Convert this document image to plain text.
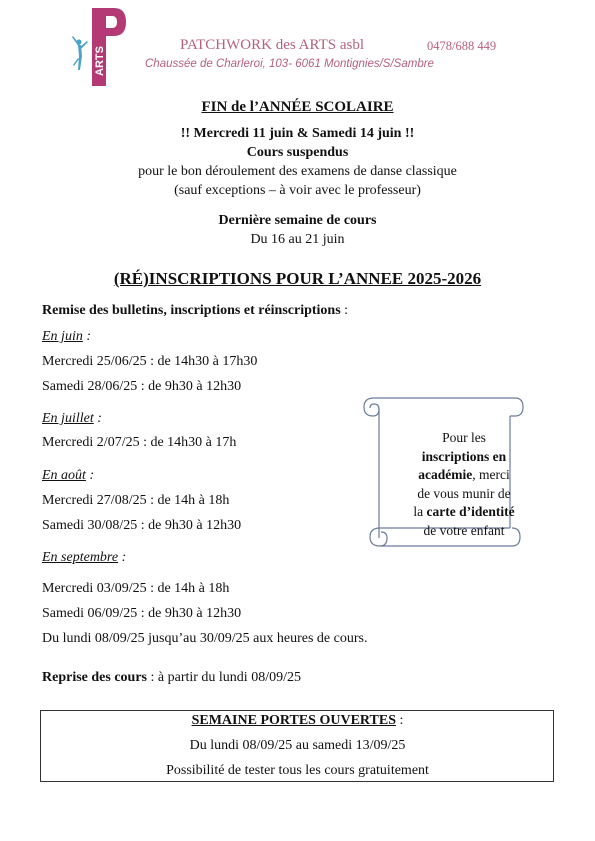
ARTS
P
PATCHWORK des ARTS asbl	0478/688 449
Chaussée de Charleroi, 103- 6061 Montignies/S/Sambre
FIN de l’ANNÉE SCOLAIRE
!! Mercredi 11 juin & Samedi 14 juin !!
Cours suspendus
pour le bon déroulement des examens de danse classique
(sauf exceptions – à voir avec le professeur)
Dernière semaine de cours
Du 16 au 21 juin
(RÉ)INSCRIPTIONS POUR L’ANNEE 2025-2026
Remise des bulletins, inscriptions et réinscriptions :
En juin :
Mercredi 25/06/25 : de 14h30 à 17h30
Samedi 28/06/25 : de 9h30 à 12h30
En juillet :
Mercredi 2/07/25 : de 14h30 à 17h
En août :
Mercredi 27/08/25 : de 14h à 18h
Samedi 30/08/25 : de 9h30 à 12h30
En septembre :
Mercredi 03/09/25 : de 14h à 18h
Samedi 06/09/25 : de 9h30 à 12h30
Du lundi 08/09/25 jusqu’au 30/09/25 aux heures de cours.
Reprise des cours : à partir du lundi 08/09/25
Pour les
inscriptions en
académie, merci
de vous munir de
la carte d’identité
de votre enfant
SEMAINE PORTES OUVERTES :
Du lundi 08/09/25 au samedi 13/09/25
Possibilité de tester tous les cours gratuitement
